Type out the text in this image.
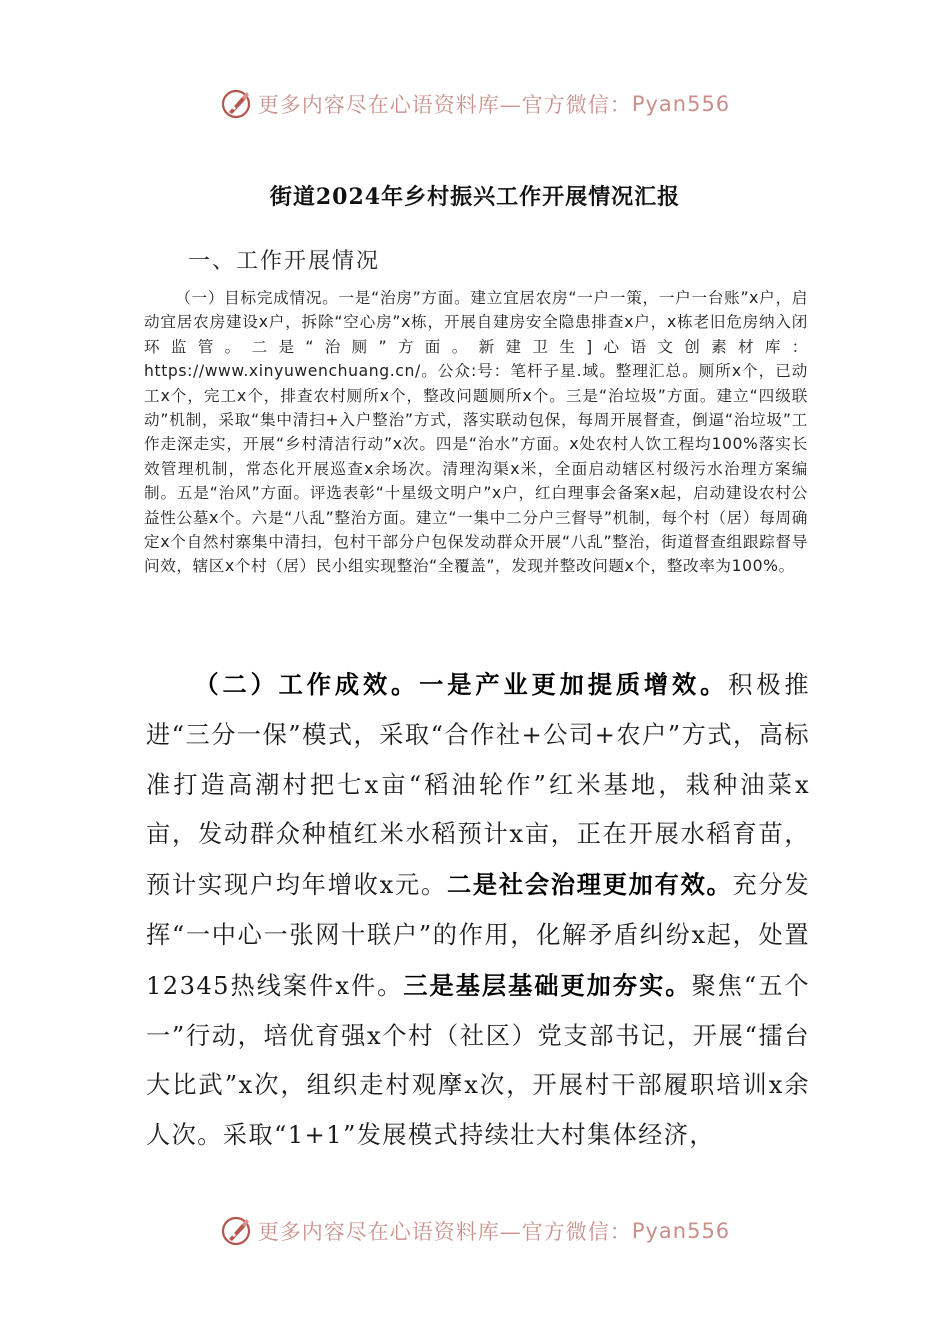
更多内容尽在心语资料库—官方微信： Pyan556
街道2024年乡村振兴工作开展情况汇报
一、工作开展情况

（一）目标完成情况。一是“治房”方面。建立宜居农房“一户一策，一户一台账”x户，启动宜居农房建设x户，拆除“空心房”x栋，开展自建房安全隐患排查x户，x栋老旧危房纳入闭环监管。二是“治厕”方面。新建卫生]心语文创素材库：https://www.xinyuwenchuang.cn/。公众:号：笔杆子星.域。整理汇总。厕所x个，已动工x个，完工x个，排查农村厕所x个，整改问题厕所x个。三是“治垃圾”方面。建立“四级联动”机制，采取“集中清扫+入户整治”方式，落实联动包保，每周开展督查，倒逼“治垃圾”工作走深走实，开展“乡村清洁行动”x次。四是“治水”方面。x处农村人饮工程均100%落实长效管理机制，常态化开展巡查x余场次。清理沟渠x米，全面启动辖区村级污水治理方案编制。五是“治风”方面。评选表彰“十星级文明户”x户，红白理事会备案x起，启动建设农村公益性公墓x个。六是“八乱”整治方面。建立“一集中二分户三督导”机制，每个村（居）每周确定x个自然村寨集中清扫，包村干部分户包保发动群众开展“八乱”整治，街道督查组跟踪督导问效，辖区x个村（居）民小组实现整治“全覆盖”，发现并整改问题x个，整改率为100%。

（二）工作成效。一是产业更加提质增效。积极推进“三分一保”模式，采取“合作社+公司+农户”方式，高标准打造高潮村把七x亩“稻油轮作”红米基地，栽种油菜x亩，发动群众种植红米水稻预计x亩，正在开展水稻育苗，预计实现户均年增收x元。二是社会治理更加有效。充分发挥“一中心一张网十联户”的作用，化解矛盾纠纷x起，处置12345热线案件x件。三是基层基础更加夯实。聚焦“五个一”行动，培优育强x个村（社区）党支部书记，开展“擂台大比武”x次，组织走村观摩x次，开展村干部履职培训x余人次。采取“1+1”发展模式持续壮大村集体经济，

更多内容尽在心语资料库—官方微信： Pyan556
